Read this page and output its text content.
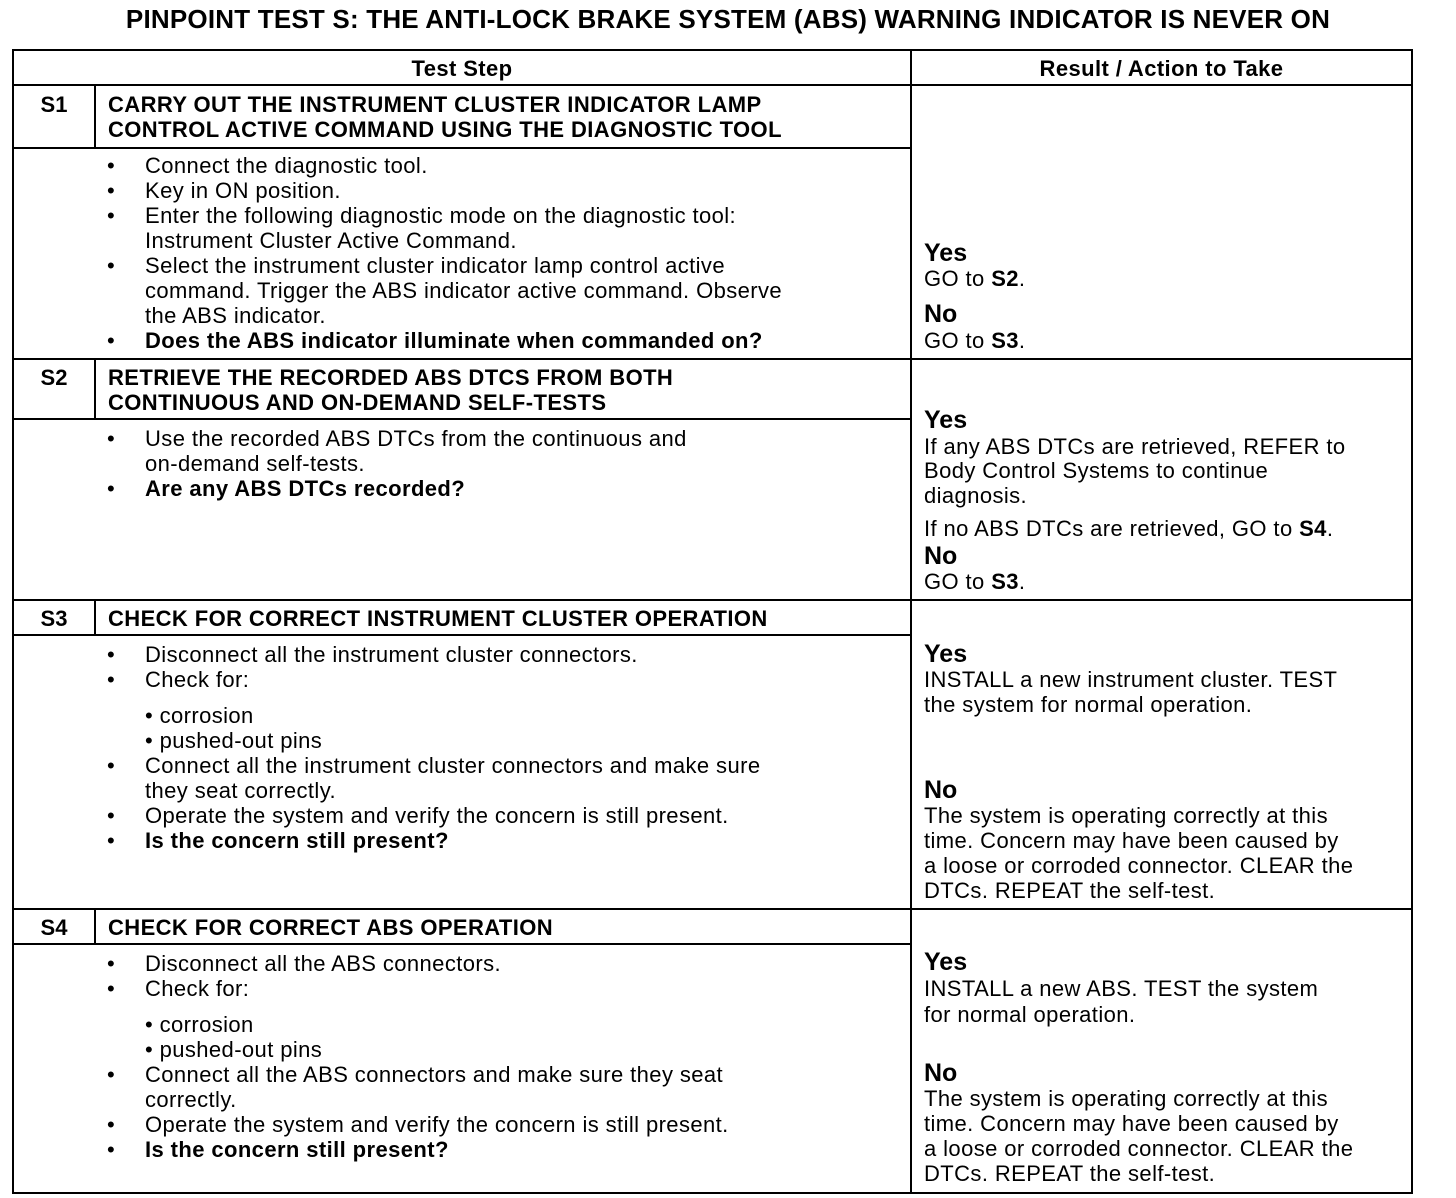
PINPOINT TEST S: THE ANTI-LOCK BRAKE SYSTEM (ABS) WARNING INDICATOR IS NEVER ON
Test Step	Result / Action to Take
S1	CARRY OUT THE INSTRUMENT CLUSTER INDICATOR LAMP
CONTROL ACTIVE COMMAND USING THE DIAGNOSTIC TOOL
• Connect the diagnostic tool.
• Key in ON position.
• Enter the following diagnostic mode on the diagnostic tool:
Instrument Cluster Active Command.
• Select the instrument cluster indicator lamp control active
command. Trigger the ABS indicator active command. Observe
the ABS indicator.
• Does the ABS indicator illuminate when commanded on?
Yes
GO to S2.
No
GO to S3.
S2	RETRIEVE THE RECORDED ABS DTCS FROM BOTH
CONTINUOUS AND ON-DEMAND SELF-TESTS
• Use the recorded ABS DTCs from the continuous and
on-demand self-tests.
• Are any ABS DTCs recorded?
Yes
If any ABS DTCs are retrieved, REFER to
Body Control Systems to continue
diagnosis.
If no ABS DTCs are retrieved, GO to S4.
No
GO to S3.
S3	CHECK FOR CORRECT INSTRUMENT CLUSTER OPERATION
• Disconnect all the instrument cluster connectors.
• Check for:
• corrosion
• pushed-out pins
• Connect all the instrument cluster connectors and make sure
they seat correctly.
• Operate the system and verify the concern is still present.
• Is the concern still present?
Yes
INSTALL a new instrument cluster. TEST
the system for normal operation.
No
The system is operating correctly at this
time. Concern may have been caused by
a loose or corroded connector. CLEAR the
DTCs. REPEAT the self-test.
S4	CHECK FOR CORRECT ABS OPERATION
• Disconnect all the ABS connectors.
• Check for:
• corrosion
• pushed-out pins
• Connect all the ABS connectors and make sure they seat
correctly.
• Operate the system and verify the concern is still present.
• Is the concern still present?
Yes
INSTALL a new ABS. TEST the system
for normal operation.
No
The system is operating correctly at this
time. Concern may have been caused by
a loose or corroded connector. CLEAR the
DTCs. REPEAT the self-test.
